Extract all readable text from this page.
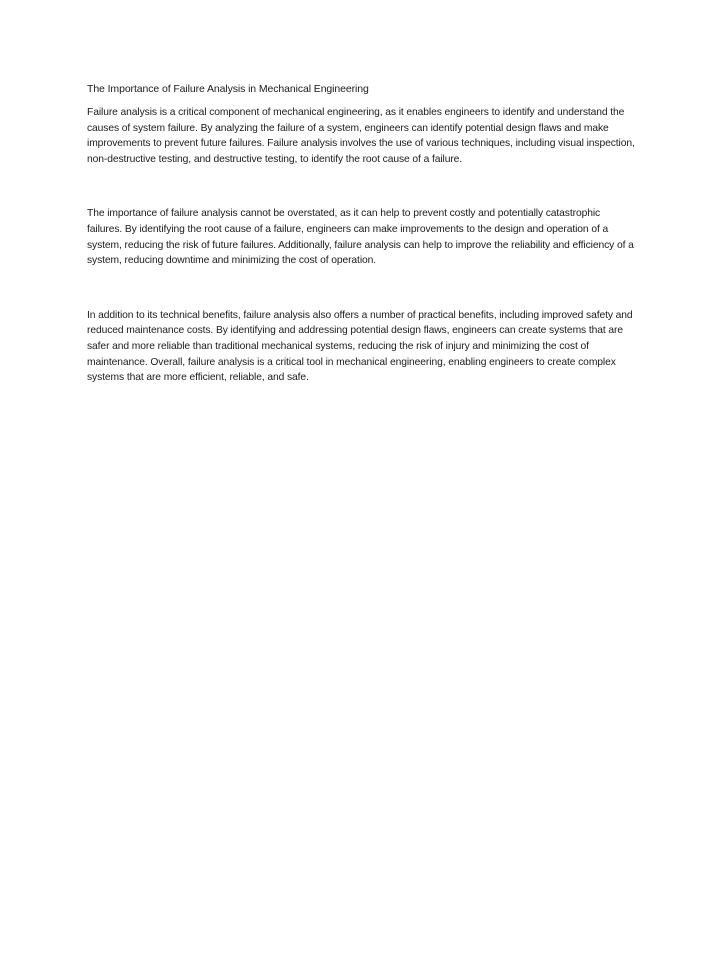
The Importance of Failure Analysis in Mechanical Engineering

Failure analysis is a critical component of mechanical engineering, as it enables engineers to identify and understand the causes of system failure. By analyzing the failure of a system, engineers can identify potential design flaws and make improvements to prevent future failures. Failure analysis involves the use of various techniques, including visual inspection, non-destructive testing, and destructive testing, to identify the root cause of a failure.

The importance of failure analysis cannot be overstated, as it can help to prevent costly and potentially catastrophic failures. By identifying the root cause of a failure, engineers can make improvements to the design and operation of a system, reducing the risk of future failures. Additionally, failure analysis can help to improve the reliability and efficiency of a system, reducing downtime and minimizing the cost of operation.

In addition to its technical benefits, failure analysis also offers a number of practical benefits, including improved safety and reduced maintenance costs. By identifying and addressing potential design flaws, engineers can create systems that are safer and more reliable than traditional mechanical systems, reducing the risk of injury and minimizing the cost of maintenance. Overall, failure analysis is a critical tool in mechanical engineering, enabling engineers to create complex systems that are more efficient, reliable, and safe.
